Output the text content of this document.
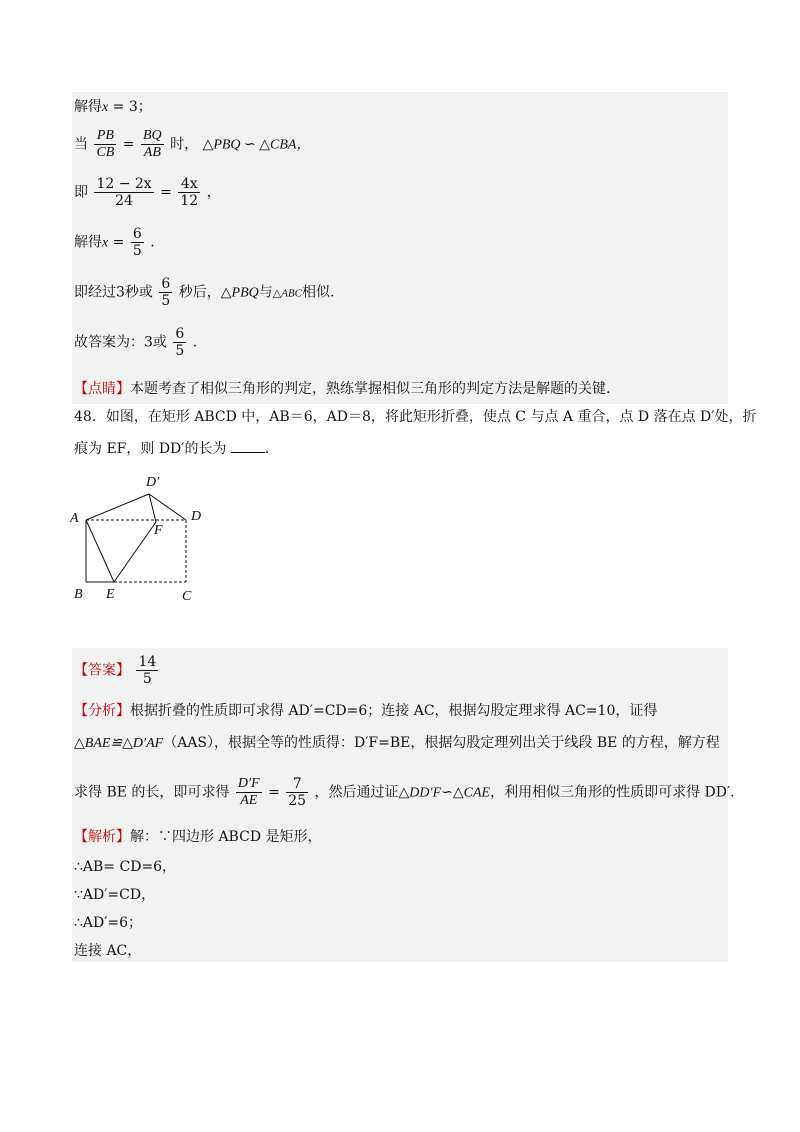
解得x = 3；
当 $\frac{PB}{CB} = \frac{BQ}{AB}$ 时， △PBQ ∽ △CBA，
即 $\frac{12 - 2x}{24} = \frac{4x}{12}$ ，
解得$x = \frac{6}{5}$ .
即经过3秒或 $\frac{6}{5}$ 秒后，△PBQ与△ABC相似.
故答案为：3或 $\frac{6}{5}$ .
【点睛】本题考查了相似三角形的判定，熟练掌握相似三角形的判定方法是解题的关键.
48．如图，在矩形 ABCD 中，AB＝6，AD＝8，将此矩形折叠，使点 C 与点 A 重合，点 D 落在点 D′处，折
痕为 EF，则 DD′的长为	.
A
B E	C
D
F
D′
【答案】 $\frac{14}{5}$
【分析】根据折叠的性质即可求得 AD′=CD=6；连接 AC，根据勾股定理求得 AC=10，证得
△BAE≌△D′AF（AAS），根据全等的性质得：D′F=BE，根据勾股定理列出关于线段 BE 的方程，解方程
求得 BE 的长，即可求得 $\frac{D'F}{AE} = \frac{7}{25}$ ，然后通过证△DD′F∽△CAE，利用相似三角形的性质即可求得 DD′.
【解析】解：∵四边形 ABCD 是矩形，
∴AB= CD=6，
∵AD′=CD，
∴AD′=6；
连接 AC，
